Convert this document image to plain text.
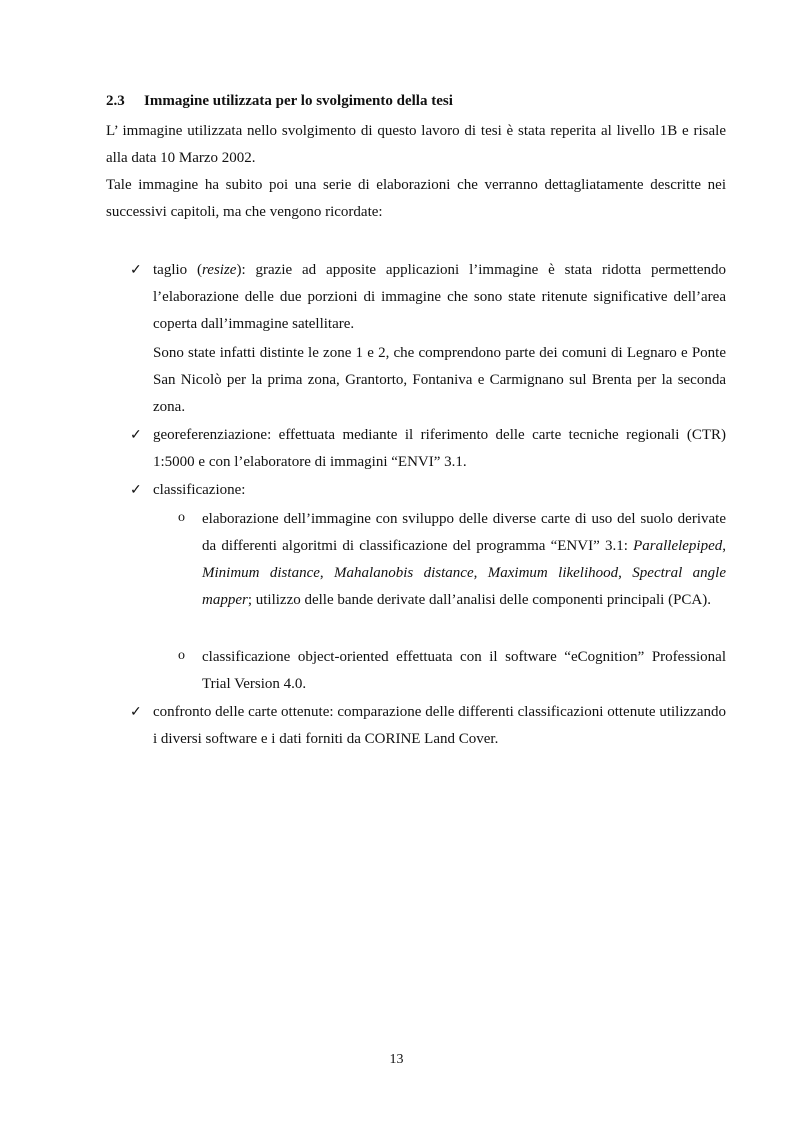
2.3 Immagine utilizzata per lo svolgimento della tesi

L’ immagine utilizzata nello svolgimento di questo lavoro di tesi è stata reperita al livello 1B e risale alla data 10 Marzo 2002.

Tale immagine ha subito poi una serie di elaborazioni che verranno dettagliatamente descritte nei successivi capitoli, ma che vengono ricordate:

✓ taglio (resize): grazie ad apposite applicazioni l’immagine è stata ridotta permettendo l’elaborazione delle due porzioni di immagine che sono state ritenute significative dell’area coperta dall’immagine satellitare.

Sono state infatti distinte le zone 1 e 2, che comprendono parte dei comuni di Legnaro e Ponte San Nicolò per la prima zona, Grantorto, Fontaniva e Carmignano sul Brenta per la seconda zona.

✓ georeferenziazione: effettuata mediante il riferimento delle carte tecniche regionali (CTR) 1:5000 e con l’elaboratore di immagini “ENVI” 3.1.

✓ classificazione:

o elaborazione dell’immagine con sviluppo delle diverse carte di uso del suolo derivate da differenti algoritmi di classificazione del programma “ENVI” 3.1: Parallelepiped, Minimum distance, Mahalanobis distance, Maximum likelihood, Spectral angle mapper; utilizzo delle bande derivate dall’analisi delle componenti principali (PCA).

o classificazione object-oriented effettuata con il software “eCognition” Professional Trial Version 4.0.

✓ confronto delle carte ottenute: comparazione delle differenti classificazioni ottenute utilizzando i diversi software e i dati forniti da CORINE Land Cover.

13
